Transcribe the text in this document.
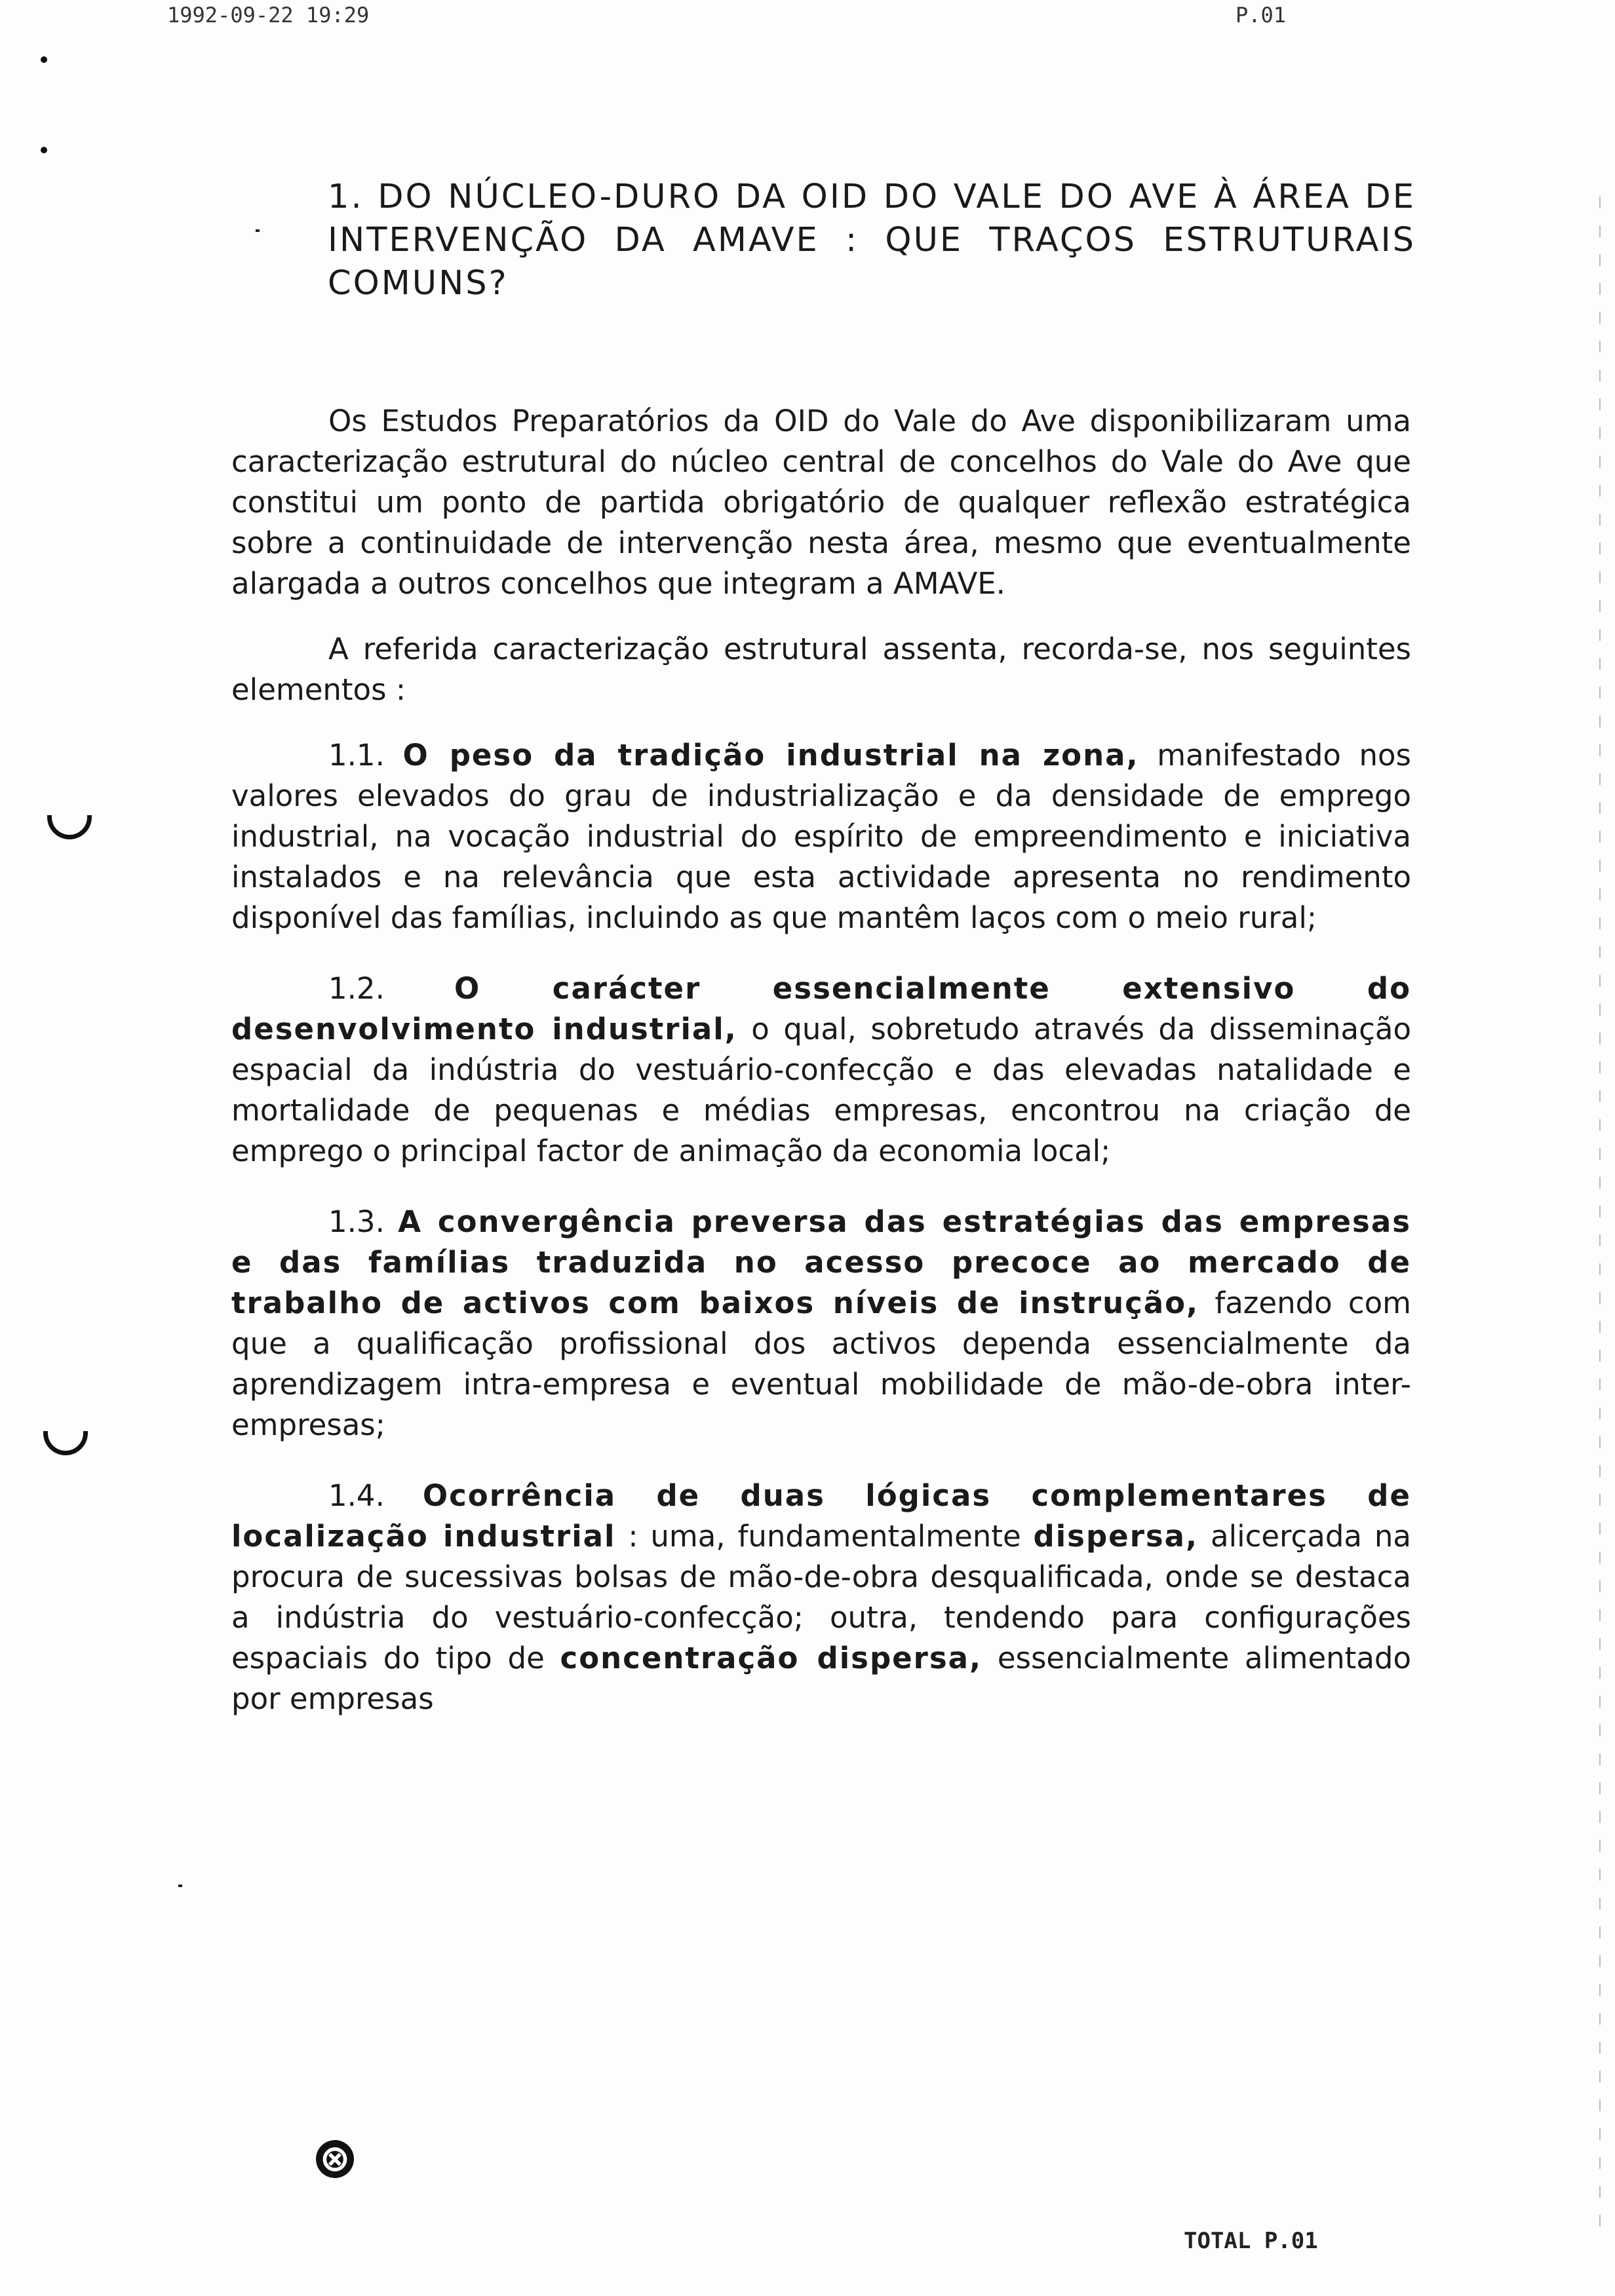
1992-09-22 19:29	P.01
1. DO NÚCLEO-DURO DA OID DO VALE DO AVE À ÁREA DE INTERVENÇÃO DA AMAVE : QUE TRAÇOS ESTRUTURAIS COMUNS?

Os Estudos Preparatórios da OID do Vale do Ave disponibilizaram uma caracterização estrutural do núcleo central de concelhos do Vale do Ave que constitui um ponto de partida obrigatório de qualquer reflexão estratégica sobre a continuidade de intervenção nesta área, mesmo que eventualmente alargada a outros concelhos que integram a AMAVE.

A referida caracterização estrutural assenta, recorda-se, nos seguintes elementos :

1.1. O peso da tradição industrial na zona, manifestado nos valores elevados do grau de industrialização e da densidade de emprego industrial, na vocação industrial do espírito de empreendimento e iniciativa instalados e na relevância que esta actividade apresenta no rendimento disponível das famílias, incluindo as que mantêm laços com o meio rural;

1.2. O carácter essencialmente extensivo do desenvolvimento industrial, o qual, sobretudo através da disseminação espacial da indústria do vestuário-confecção e das elevadas natalidade e mortalidade de pequenas e médias empresas, encontrou na criação de emprego o principal factor de animação da economia local;

1.3. A convergência preversa das estratégias das empresas e das famílias traduzida no acesso precoce ao mercado de trabalho de activos com baixos níveis de instrução, fazendo com que a qualificação profissional dos activos dependa essencialmente da aprendizagem intra-empresa e eventual mobilidade de mão-de-obra inter-empresas;

1.4. Ocorrência de duas lógicas complementares de localização industrial : uma, fundamentalmente dispersa, alicerçada na procura de sucessivas bolsas de mão-de-obra desqualificada, onde se destaca a indústria do vestuário-confecção; outra, tendendo para configurações espaciais do tipo de concentração dispersa, essencialmente alimentado por empresas

⊗
TOTAL P.01
